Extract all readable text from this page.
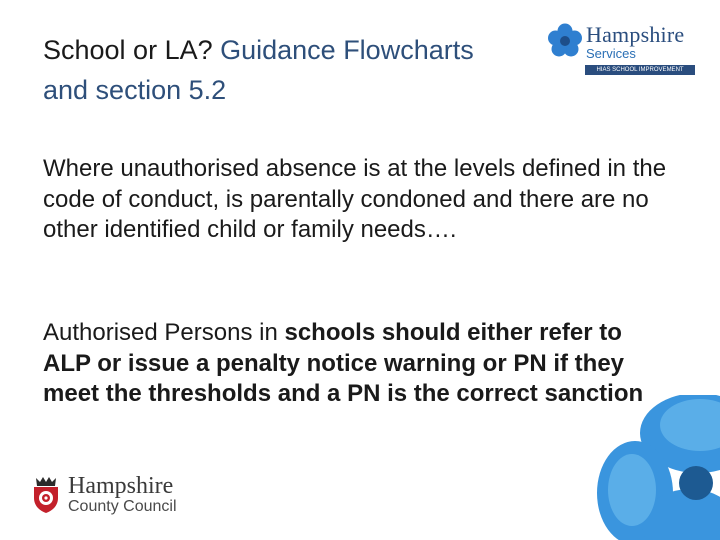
School or LA? Guidance Flowcharts and section 5.2
Hampshire
Services
HIAS SCHOOL IMPROVEMENT

Where unauthorised absence is at the levels defined in the code of conduct, is parentally condoned and there are no other identified child or family needs….

Authorised Persons in schools should either refer to ALP or issue a penalty notice warning or PN if they meet the thresholds and a PN is the correct sanction

Hampshire
County Council
